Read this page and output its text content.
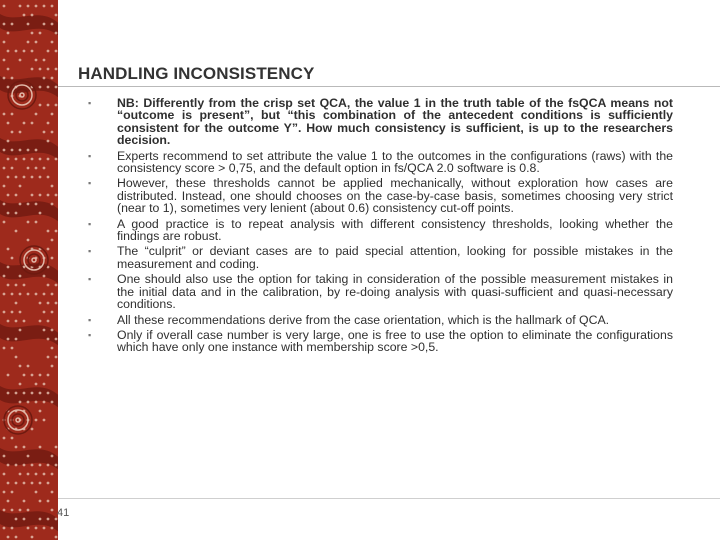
HANDLING INCONSISTENCY
▪ NB: Differently from the crisp set QCA, the value 1 in the truth table of the fsQCA means not “outcome is present”, but “this combination of the antecedent conditions is sufficiently consistent for the outcome Y”. How much consistency is sufficient, is up to the researchers decision.
▪ Experts recommend to set attribute the value 1 to the outcomes in the configurations (raws) with the consistency score > 0,75, and the default option in fs/QCA 2.0 software is 0.8.
▪ However, these thresholds cannot be applied mechanically, without exploration how cases are distributed. Instead, one should chooses on the case-by-case basis, sometimes choosing very strict (near to 1), sometimes very lenient (about 0.6) consistency cut-off points.
▪ A good practice is to repeat analysis with different consistency thresholds, looking whether the findings are robust.
▪ The “culprit” or deviant cases are to paid special attention, looking for possible mistakes in the measurement and coding.
▪ One should also use the option for taking in consideration of the possible measurement mistakes in the initial data and in the calibration, by re-doing analysis with quasi-sufficient and quasi-necessary conditions.
▪ All these recommendations derive from the case orientation, which is the hallmark of QCA.
▪ Only if overall case number is very large, one is free to use the option to eliminate the configurations which have only one instance with membership score >0,5.
41
